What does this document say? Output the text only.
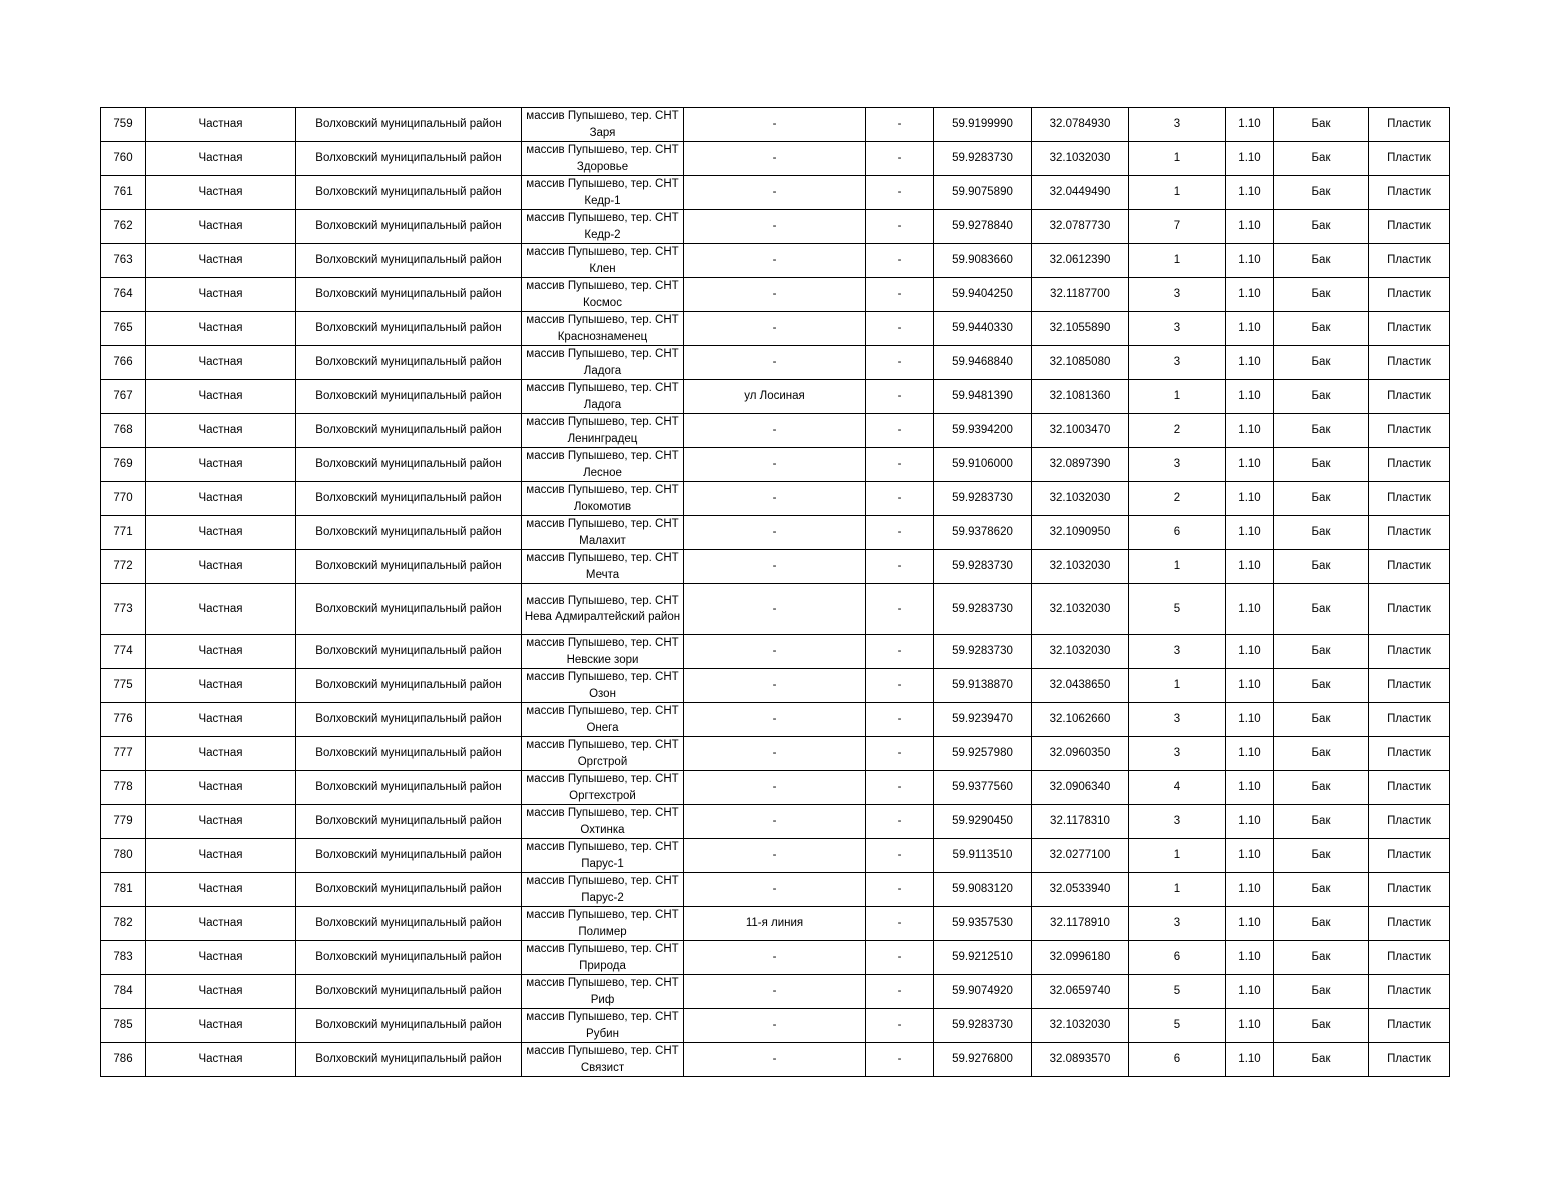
759	Частная	Волховский муниципальный район	массив Пупышево, тер. СНТ Заря	-	-	59.9199990	32.0784930	3	1.10	Бак	Пластик
760	Частная	Волховский муниципальный район	массив Пупышево, тер. СНТ Здоровье	-	-	59.9283730	32.1032030	1	1.10	Бак	Пластик
761	Частная	Волховский муниципальный район	массив Пупышево, тер. СНТ Кедр-1	-	-	59.9075890	32.0449490	1	1.10	Бак	Пластик
762	Частная	Волховский муниципальный район	массив Пупышево, тер. СНТ Кедр-2	-	-	59.9278840	32.0787730	7	1.10	Бак	Пластик
763	Частная	Волховский муниципальный район	массив Пупышево, тер. СНТ Клен	-	-	59.9083660	32.0612390	1	1.10	Бак	Пластик
764	Частная	Волховский муниципальный район	массив Пупышево, тер. СНТ Космос	-	-	59.9404250	32.1187700	3	1.10	Бак	Пластик
765	Частная	Волховский муниципальный район	массив Пупышево, тер. СНТ Краснознаменец	-	-	59.9440330	32.1055890	3	1.10	Бак	Пластик
766	Частная	Волховский муниципальный район	массив Пупышево, тер. СНТ Ладога	-	-	59.9468840	32.1085080	3	1.10	Бак	Пластик
767	Частная	Волховский муниципальный район	массив Пупышево, тер. СНТ Ладога	ул Лосиная	-	59.9481390	32.1081360	1	1.10	Бак	Пластик
768	Частная	Волховский муниципальный район	массив Пупышево, тер. СНТ Ленинградец	-	-	59.9394200	32.1003470	2	1.10	Бак	Пластик
769	Частная	Волховский муниципальный район	массив Пупышево, тер. СНТ Лесное	-	-	59.9106000	32.0897390	3	1.10	Бак	Пластик
770	Частная	Волховский муниципальный район	массив Пупышево, тер. СНТ Локомотив	-	-	59.9283730	32.1032030	2	1.10	Бак	Пластик
771	Частная	Волховский муниципальный район	массив Пупышево, тер. СНТ Малахит	-	-	59.9378620	32.1090950	6	1.10	Бак	Пластик
772	Частная	Волховский муниципальный район	массив Пупышево, тер. СНТ Мечта	-	-	59.9283730	32.1032030	1	1.10	Бак	Пластик
773	Частная	Волховский муниципальный район	массив Пупышево, тер. СНТ Нева Адмиралтейский район	-	-	59.9283730	32.1032030	5	1.10	Бак	Пластик
774	Частная	Волховский муниципальный район	массив Пупышево, тер. СНТ Невские зори	-	-	59.9283730	32.1032030	3	1.10	Бак	Пластик
775	Частная	Волховский муниципальный район	массив Пупышево, тер. СНТ Озон	-	-	59.9138870	32.0438650	1	1.10	Бак	Пластик
776	Частная	Волховский муниципальный район	массив Пупышево, тер. СНТ Онега	-	-	59.9239470	32.1062660	3	1.10	Бак	Пластик
777	Частная	Волховский муниципальный район	массив Пупышево, тер. СНТ Оргстрой	-	-	59.9257980	32.0960350	3	1.10	Бак	Пластик
778	Частная	Волховский муниципальный район	массив Пупышево, тер. СНТ Оргтехстрой	-	-	59.9377560	32.0906340	4	1.10	Бак	Пластик
779	Частная	Волховский муниципальный район	массив Пупышево, тер. СНТ Охтинка	-	-	59.9290450	32.1178310	3	1.10	Бак	Пластик
780	Частная	Волховский муниципальный район	массив Пупышево, тер. СНТ Парус-1	-	-	59.9113510	32.0277100	1	1.10	Бак	Пластик
781	Частная	Волховский муниципальный район	массив Пупышево, тер. СНТ Парус-2	-	-	59.9083120	32.0533940	1	1.10	Бак	Пластик
782	Частная	Волховский муниципальный район	массив Пупышево, тер. СНТ Полимер	11-я линия	-	59.9357530	32.1178910	3	1.10	Бак	Пластик
783	Частная	Волховский муниципальный район	массив Пупышево, тер. СНТ Природа	-	-	59.9212510	32.0996180	6	1.10	Бак	Пластик
784	Частная	Волховский муниципальный район	массив Пупышево, тер. СНТ Риф	-	-	59.9074920	32.0659740	5	1.10	Бак	Пластик
785	Частная	Волховский муниципальный район	массив Пупышево, тер. СНТ Рубин	-	-	59.9283730	32.1032030	5	1.10	Бак	Пластик
786	Частная	Волховский муниципальный район	массив Пупышево, тер. СНТ Связист	-	-	59.9276800	32.0893570	6	1.10	Бак	Пластик
